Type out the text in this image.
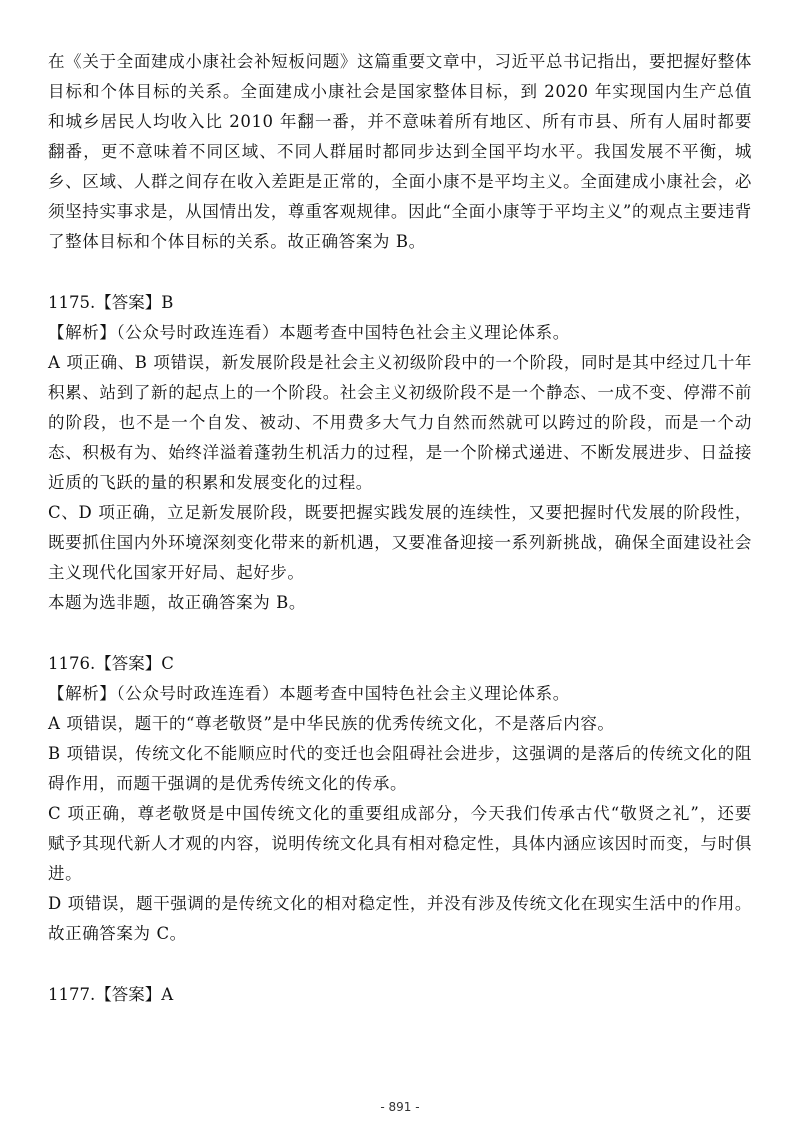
在《关于全面建成小康社会补短板问题》这篇重要文章中，习近平总书记指出，要把握好整体目标和个体目标的关系。全面建成小康社会是国家整体目标，到 2020 年实现国内生产总值和城乡居民人均收入比 2010 年翻一番，并不意味着所有地区、所有市县、所有人届时都要翻番，更不意味着不同区域、不同人群届时都同步达到全国平均水平。我国发展不平衡，城乡、区域、人群之间存在收入差距是正常的，全面小康不是平均主义。全面建成小康社会，必须坚持实事求是，从国情出发，尊重客观规律。因此“全面小康等于平均主义”的观点主要违背了整体目标和个体目标的关系。故正确答案为 B。

1175.【答案】B

【解析】（公众号时政连连看）本题考查中国特色社会主义理论体系。

A 项正确、B 项错误，新发展阶段是社会主义初级阶段中的一个阶段，同时是其中经过几十年积累、站到了新的起点上的一个阶段。社会主义初级阶段不是一个静态、一成不变、停滞不前的阶段，也不是一个自发、被动、不用费多大气力自然而然就可以跨过的阶段，而是一个动态、积极有为、始终洋溢着蓬勃生机活力的过程，是一个阶梯式递进、不断发展进步、日益接近质的飞跃的量的积累和发展变化的过程。

C、D 项正确，立足新发展阶段，既要把握实践发展的连续性，又要把握时代发展的阶段性，既要抓住国内外环境深刻变化带来的新机遇，又要准备迎接一系列新挑战，确保全面建设社会主义现代化国家开好局、起好步。

本题为选非题，故正确答案为 B。

1176.【答案】C

【解析】（公众号时政连连看）本题考查中国特色社会主义理论体系。

A 项错误，题干的“尊老敬贤”是中华民族的优秀传统文化，不是落后内容。

B 项错误，传统文化不能顺应时代的变迁也会阻碍社会进步，这强调的是落后的传统文化的阻碍作用，而题干强调的是优秀传统文化的传承。

C 项正确，尊老敬贤是中国传统文化的重要组成部分，今天我们传承古代“敬贤之礼”，还要赋予其现代新人才观的内容，说明传统文化具有相对稳定性，具体内涵应该因时而变，与时俱进。

D 项错误，题干强调的是传统文化的相对稳定性，并没有涉及传统文化在现实生活中的作用。故正确答案为 C。

1177.【答案】A

- 891 -
